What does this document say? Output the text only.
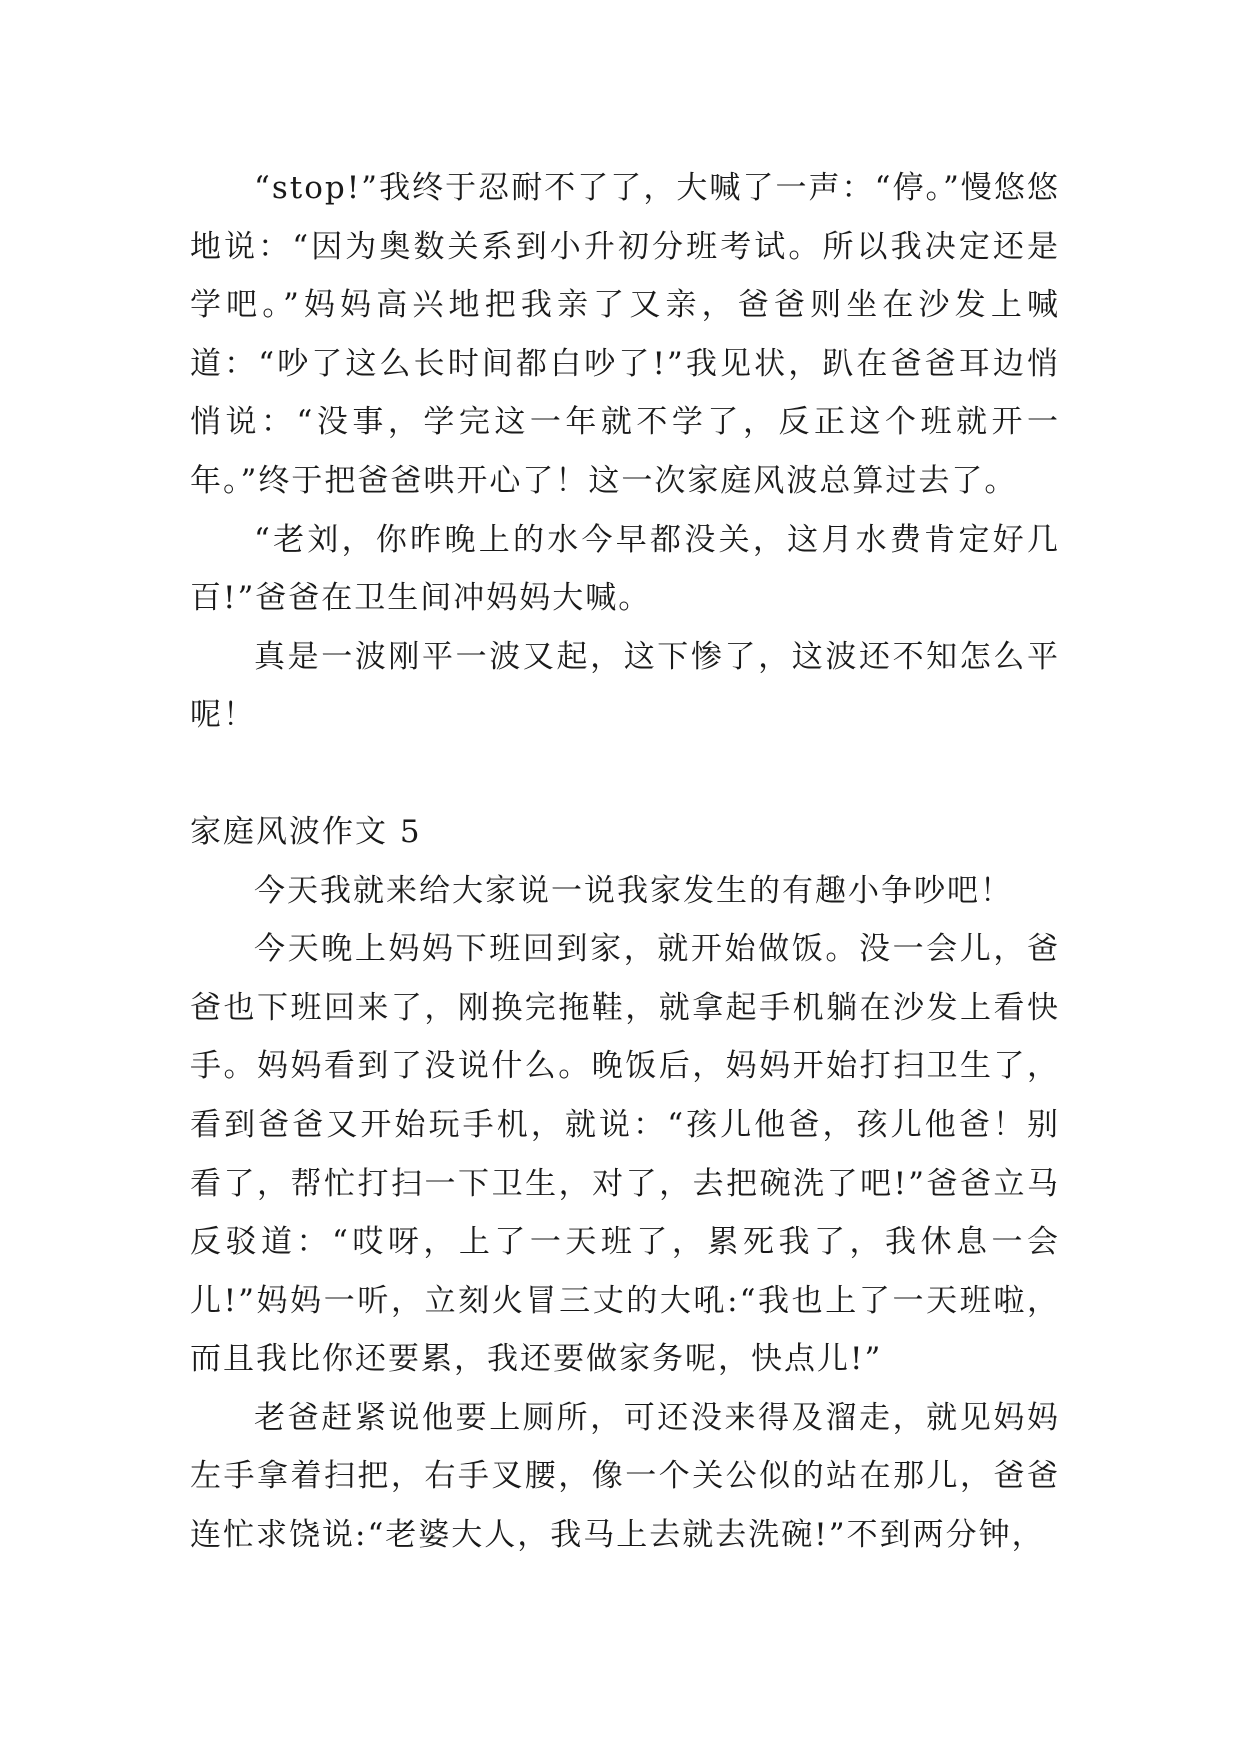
“stop!”我终于忍耐不了了，大喊了一声：“停。”慢悠悠地说：“因为奥数关系到小升初分班考试。所以我决定还是学吧。”妈妈高兴地把我亲了又亲，爸爸则坐在沙发上喊道：“吵了这么长时间都白吵了!”我见状，趴在爸爸耳边悄悄说：“没事，学完这一年就不学了，反正这个班就开一年。”终于把爸爸哄开心了！这一次家庭风波总算过去了。

“老刘，你昨晚上的水今早都没关，这月水费肯定好几百!”爸爸在卫生间冲妈妈大喊。

真是一波刚平一波又起，这下惨了，这波还不知怎么平呢！

家庭风波作文 5

今天我就来给大家说一说我家发生的有趣小争吵吧！

今天晚上妈妈下班回到家，就开始做饭。没一会儿，爸爸也下班回来了，刚换完拖鞋，就拿起手机躺在沙发上看快手。妈妈看到了没说什么。晚饭后，妈妈开始打扫卫生了，看到爸爸又开始玩手机，就说：“孩儿他爸，孩儿他爸！别看了，帮忙打扫一下卫生，对了，去把碗洗了吧!”爸爸立马反驳道：“哎呀，上了一天班了，累死我了，我休息一会儿!”妈妈一听，立刻火冒三丈的大吼:“我也上了一天班啦，而且我比你还要累，我还要做家务呢，快点儿!”

老爸赶紧说他要上厕所，可还没来得及溜走，就见妈妈左手拿着扫把，右手叉腰，像一个关公似的站在那儿，爸爸连忙求饶说:“老婆大人，我马上去就去洗碗!”不到两分钟，
